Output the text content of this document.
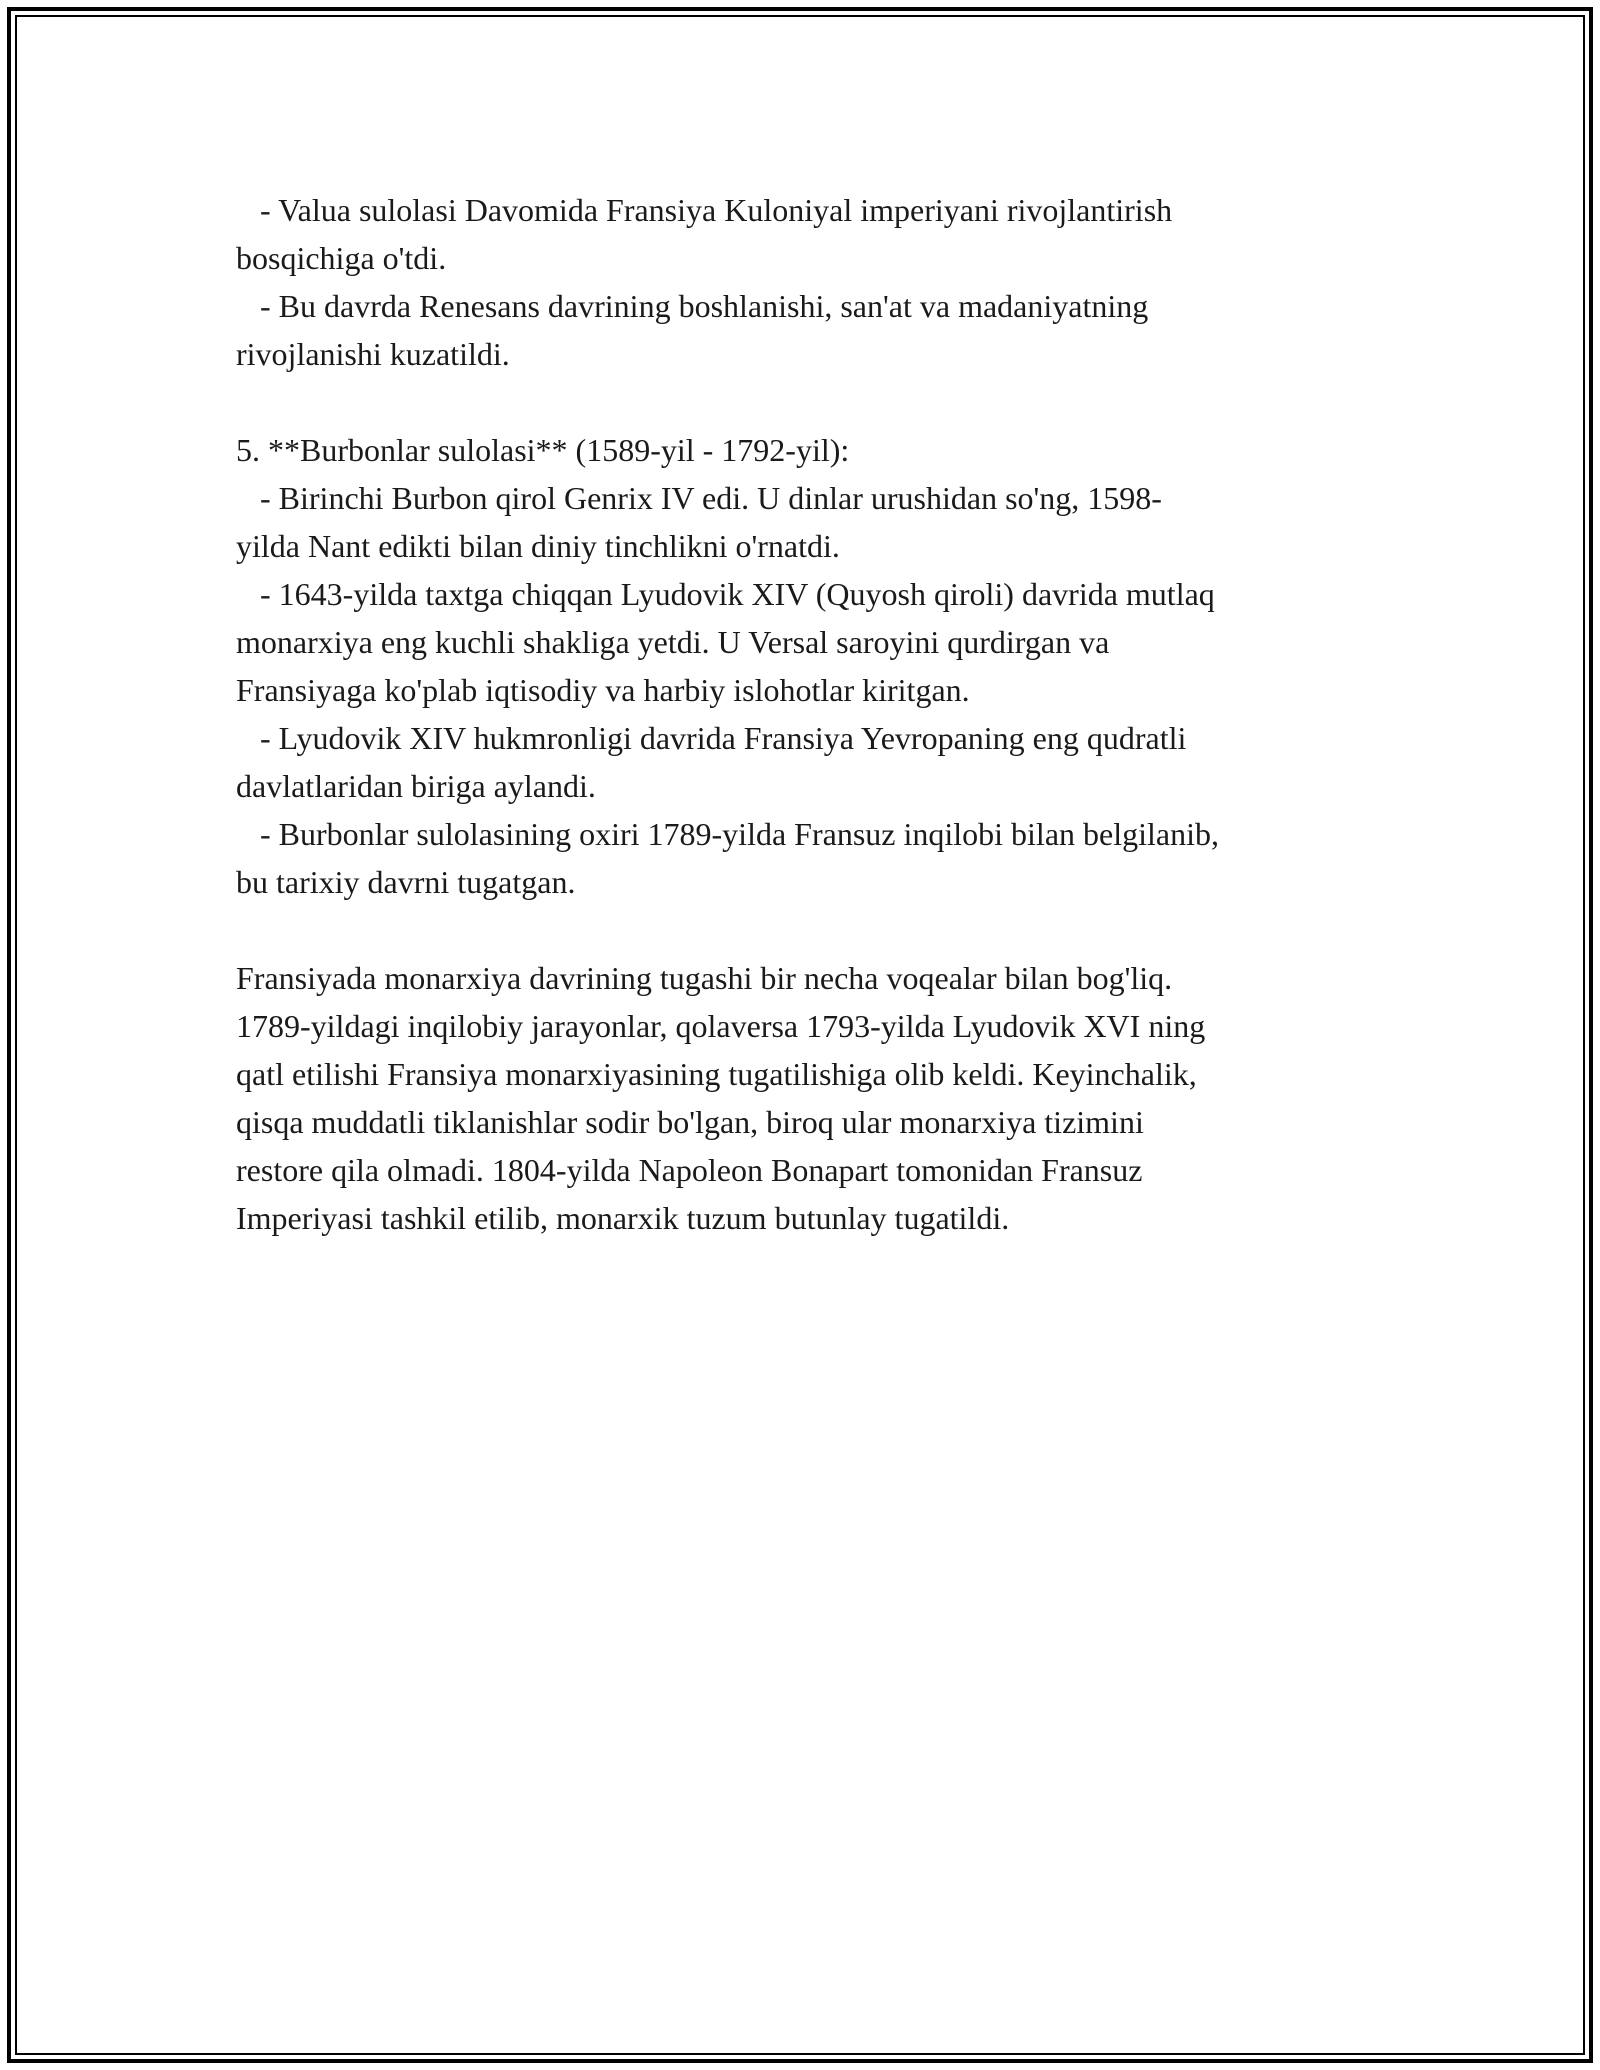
- Valua sulolasi Davomida Fransiya Kuloniyal imperiyani rivojlantirish
bosqichiga o'tdi.
- Bu davrda Renesans davrining boshlanishi, san'at va madaniyatning
rivojlanishi kuzatildi.
5. **Burbonlar sulolasi** (1589-yil - 1792-yil):
- Birinchi Burbon qirol Genrix IV edi. U dinlar urushidan so'ng, 1598-
yilda Nant edikti bilan diniy tinchlikni o'rnatdi.
- 1643-yilda taxtga chiqqan Lyudovik XIV (Quyosh qiroli) davrida mutlaq
monarxiya eng kuchli shakliga yetdi. U Versal saroyini qurdirgan va
Fransiyaga ko'plab iqtisodiy va harbiy islohotlar kiritgan.
- Lyudovik XIV hukmronligi davrida Fransiya Yevropaning eng qudratli
davlatlaridan biriga aylandi.
- Burbonlar sulolasining oxiri 1789-yilda Fransuz inqilobi bilan belgilanib,
bu tarixiy davrni tugatgan.
Fransiyada monarxiya davrining tugashi bir necha voqealar bilan bog'liq.
1789-yildagi inqilobiy jarayonlar, qolaversa 1793-yilda Lyudovik XVI ning
qatl etilishi Fransiya monarxiyasining tugatilishiga olib keldi. Keyinchalik,
qisqa muddatli tiklanishlar sodir bo'lgan, biroq ular monarxiya tizimini
restore qila olmadi. 1804-yilda Napoleon Bonapart tomonidan Fransuz
Imperiyasi tashkil etilib, monarxik tuzum butunlay tugatildi.
